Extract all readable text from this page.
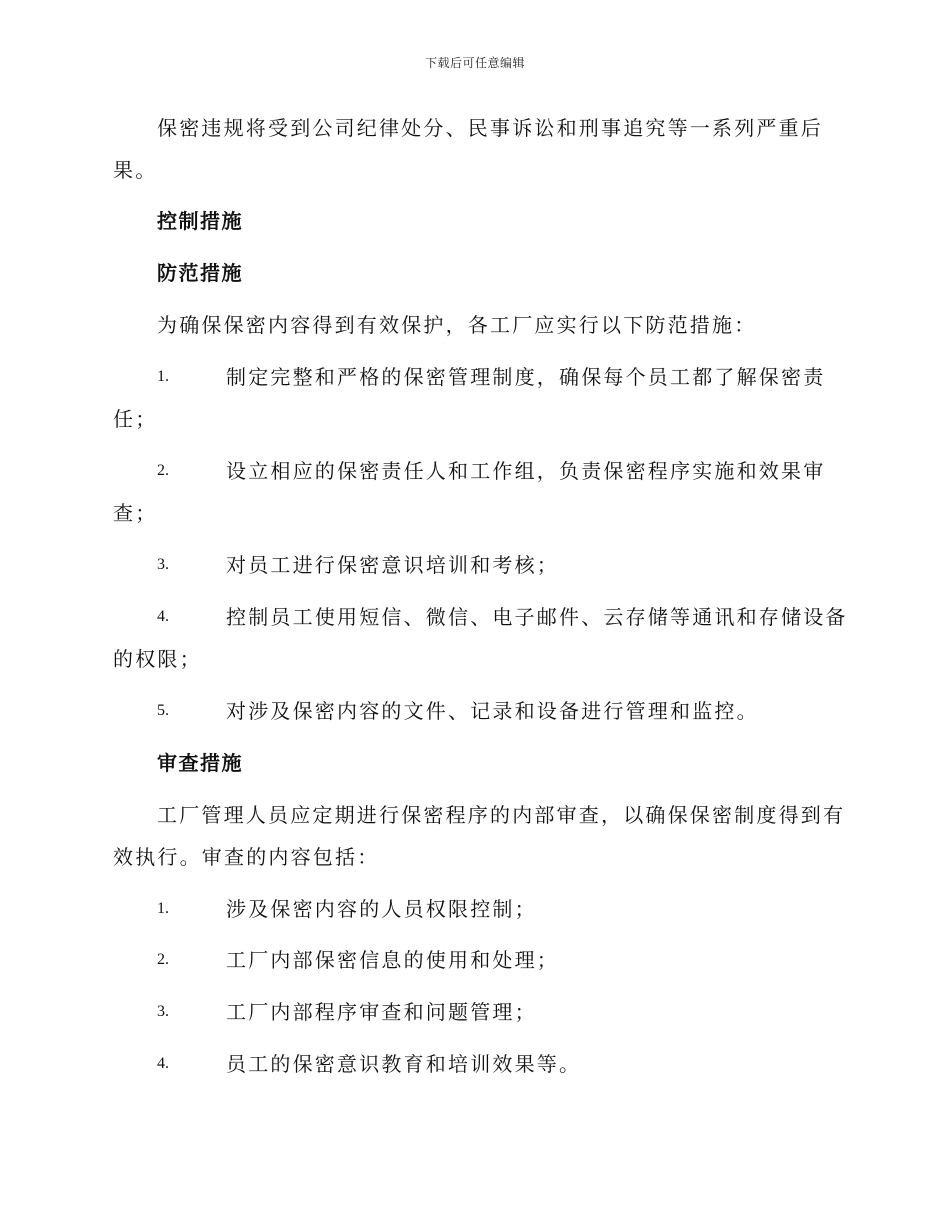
下载后可任意编辑
保密违规将受到公司纪律处分、民事诉讼和刑事追究等一系列严重后
果。
控制措施
防范措施
为确保保密内容得到有效保护，各工厂应实行以下防范措施：
1.	制定完整和严格的保密管理制度，确保每个员工都了解保密责
任；
2.	设立相应的保密责任人和工作组，负责保密程序实施和效果审
查；
3.	对员工进行保密意识培训和考核；
4.	控制员工使用短信、微信、电子邮件、云存储等通讯和存储设备
的权限；
5.	对涉及保密内容的文件、记录和设备进行管理和监控。
审查措施
工厂管理人员应定期进行保密程序的内部审查，以确保保密制度得到有
效执行。审查的内容包括：
1.	涉及保密内容的人员权限控制；
2.	工厂内部保密信息的使用和处理；
3.	工厂内部程序审查和问题管理；
4.	员工的保密意识教育和培训效果等。
